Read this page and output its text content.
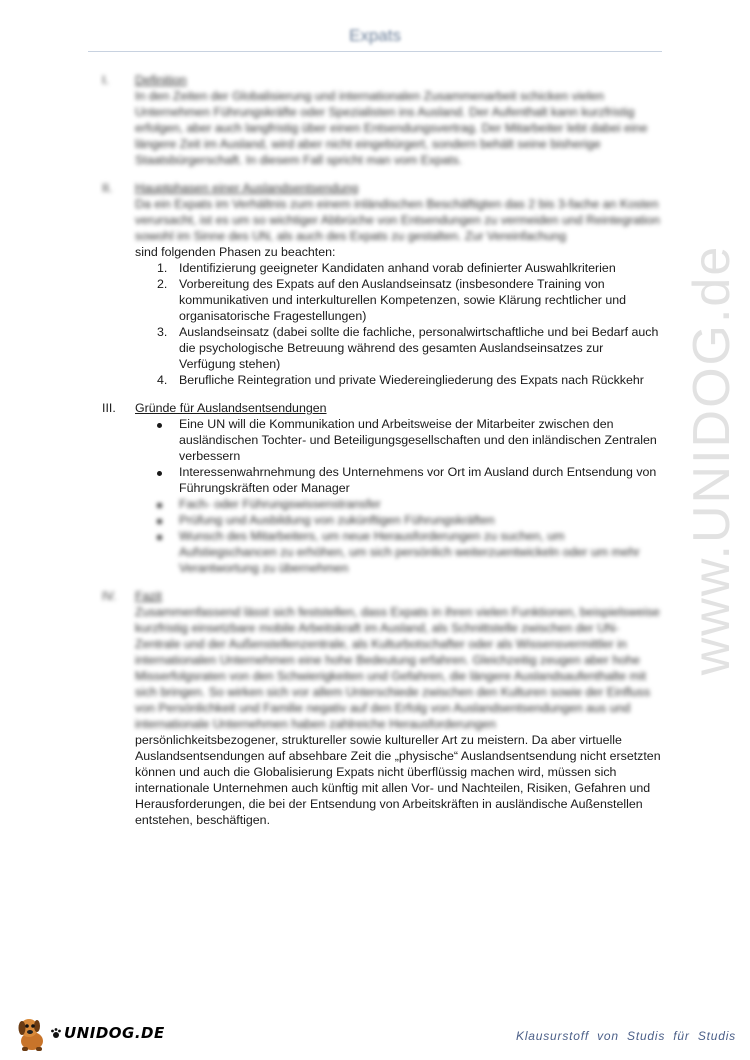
Expats
I.	Definition

In den Zeiten der Globalisierung und internationalen Zusammenarbeit schicken vielen Unternehmen Führungskräfte oder Spezialisten ins Ausland. Der Aufenthalt kann kurzfristig erfolgen, aber auch langfristig über einen Entsendungsvertrag. Der Mitarbeiter lebt dabei eine längere Zeit im Ausland, wird aber nicht eingebürgert, sondern behält seine bisherige Staatsbürgerschaft. In diesem Fall spricht man vom Expats.

II.	Hauptphasen einer Auslandsentsendung

Da ein Expats im Verhältnis zum einem inländischen Beschäftigten das 2 bis 3-fache an Kosten verursacht, ist es um so wichtiger Abbrüche von Entsendungen zu vermeiden und Reintegration sowohl im Sinne des UN, als auch des Expats zu gestalten. Zur Vereinfachung

sind folgenden Phasen zu beachten:

1. Identifizierung geeigneter Kandidaten anhand vorab definierter Auswahlkriterien
2. Vorbereitung des Expats auf den Auslandseinsatz (insbesondere Training von kommunikativen und interkulturellen Kompetenzen, sowie Klärung rechtlicher und organisatorische Fragestellungen)
3. Auslandseinsatz (dabei sollte die fachliche, personalwirtschaftliche und bei Bedarf auch die psychologische Betreuung während des gesamten Auslandseinsatzes zur Verfügung stehen)
4. Berufliche Reintegration und private Wiedereingliederung des Expats nach Rückkehr
III.	Gründe für Auslandsentsendungen
Eine UN will die Kommunikation und Arbeitsweise der Mitarbeiter zwischen den ausländischen Tochter- und Beteiligungsgesellschaften und den inländischen Zentralen verbessern
Interessenwahrnehmung des Unternehmens vor Ort im Ausland durch Entsendung von Führungskräften oder Manager
Fach- oder Führungswissenstransfer
Prüfung und Ausbildung von zukünftigen Führungskräften
Wunsch des Mitarbeiters, um neue Herausforderungen zu suchen, um Aufstiegschancen zu erhöhen, um sich persönlich weiterzuentwickeln oder um mehr Verantwortung zu übernehmen
IV.	Fazit

Zusammenfassend lässt sich feststellen, dass Expats in ihren vielen Funktionen, beispielsweise kurzfristig einsetzbare mobile Arbeitskraft im Ausland, als Schnittstelle zwischen der UN-Zentrale und der Außenstellenzentrale, als Kulturbotschafter oder als Wissensvermittler in internationalen Unternehmen eine hohe Bedeutung erfahren. Gleichzeitig zeugen aber hohe Misserfolgsraten von den Schwierigkeiten und Gefahren, die längere Auslandsaufenthalte mit sich bringen. So wirken sich vor allem Unterschiede zwischen den Kulturen sowie der Einfluss von Persönlichkeit und Familie negativ auf den Erfolg von Auslandsentsendungen aus und internationale Unternehmen haben zahlreiche Herausforderungen

persönlichkeitsbezogener, struktureller sowie kultureller Art zu meistern. Da aber virtuelle Auslandsentsendungen auf absehbare Zeit die „physische“ Auslandsentsendung nicht ersetzten können und auch die Globalisierung Expats nicht überflüssig machen wird, müssen sich internationale Unternehmen auch künftig mit allen Vor- und Nachteilen, Risiken, Gefahren und Herausforderungen, die bei der Entsendung von Arbeitskräften in ausländische Außenstellen entstehen, beschäftigen.

www.UNIDOG.de
UNIDOG.DE	Klausurstoff von Studis für Studis
